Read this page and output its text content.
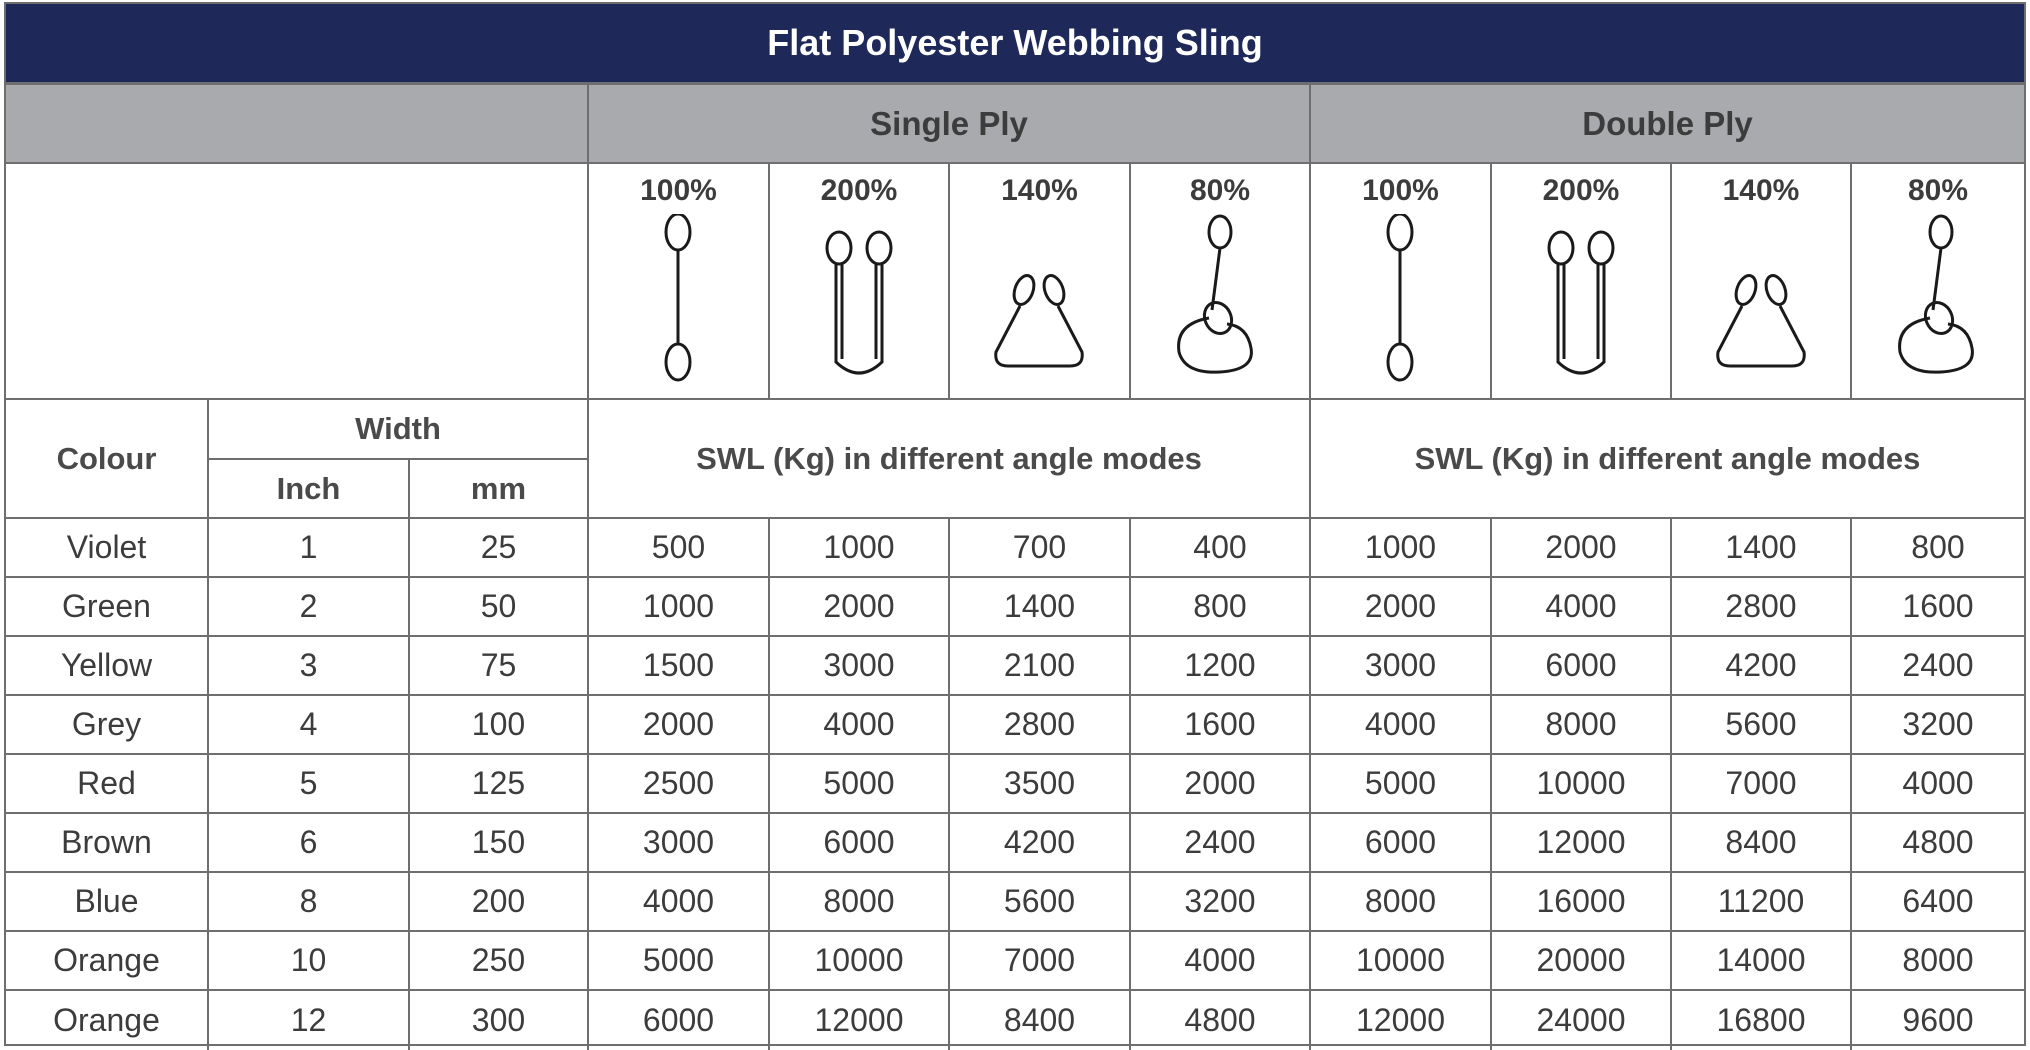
Flat Polyester Webbing Sling
Single Ply	Double Ply
100%	200%	140%	80%	100%	200%	140%	80%
Colour
Width
Inch	mm
SWL (Kg) in different angle modes	SWL (Kg) in different angle modes
Violet	1	25	500	1000	700	400	1000	2000	1400	800
Green	2	50	1000	2000	1400	800	2000	4000	2800	1600
Yellow	3	75	1500	3000	2100	1200	3000	6000	4200	2400
Grey	4	100	2000	4000	2800	1600	4000	8000	5600	3200
Red	5	125	2500	5000	3500	2000	5000	10000	7000	4000
Brown	6	150	3000	6000	4200	2400	6000	12000	8400	4800
Blue	8	200	4000	8000	5600	3200	8000	16000	11200	6400
Orange	10	250	5000	10000	7000	4000	10000	20000	14000	8000
Orange	12	300	6000	12000	8400	4800	12000	24000	16800	9600
